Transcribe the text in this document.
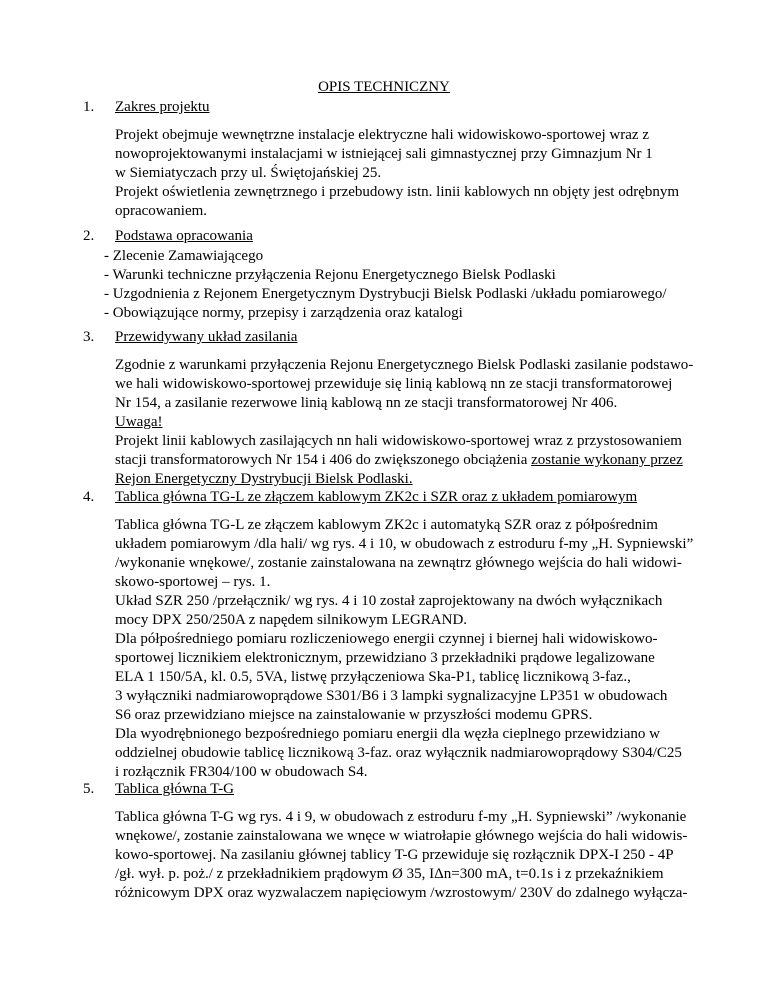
OPIS TECHNICZNY
1. Zakres projektu
Projekt obejmuje wewnętrzne instalacje elektryczne hali widowiskowo-sportowej wraz z
nowoprojektowanymi instalacjami w istniejącej sali gimnastycznej przy Gimnazjum Nr 1
w Siemiatyczach przy ul. Świętojańskiej 25.
Projekt oświetlenia zewnętrznego i przebudowy istn. linii kablowych nn objęty jest odrębnym
opracowaniem.
2. Podstawa opracowania
- Zlecenie Zamawiającego
- Warunki techniczne przyłączenia Rejonu Energetycznego Bielsk Podlaski
- Uzgodnienia z Rejonem Energetycznym Dystrybucji Bielsk Podlaski /układu pomiarowego/
- Obowiązujące normy, przepisy i zarządzenia oraz katalogi
3. Przewidywany układ zasilania
Zgodnie z warunkami przyłączenia Rejonu Energetycznego Bielsk Podlaski zasilanie podstawo-
we hali widowiskowo-sportowej przewiduje się linią kablową nn ze stacji transformatorowej
Nr 154, a zasilanie rezerwowe linią kablową nn ze stacji transformatorowej Nr 406.
Uwaga!
Projekt linii kablowych zasilających nn hali widowiskowo-sportowej wraz z przystosowaniem
stacji transformatorowych Nr 154 i 406 do zwiększonego obciążenia zostanie wykonany przez
Rejon Energetyczny Dystrybucji Bielsk Podlaski.
4. Tablica główna TG-L ze złączem kablowym ZK2c i SZR oraz z układem pomiarowym
Tablica główna TG-L ze złączem kablowym ZK2c i automatyką SZR oraz z półpośrednim
układem pomiarowym /dla hali/ wg rys. 4 i 10, w obudowach z estroduru f-my „H. Sypniewski”
/wykonanie wnękowe/, zostanie zainstalowana na zewnątrz głównego wejścia do hali widowi-
skowo-sportowej – rys. 1.
Układ SZR 250 /przełącznik/ wg rys. 4 i 10 został zaprojektowany na dwóch wyłącznikach
mocy DPX 250/250A z napędem silnikowym LEGRAND.
Dla półpośredniego pomiaru rozliczeniowego energii czynnej i biernej hali widowiskowo-
sportowej licznikiem elektronicznym, przewidziano 3 przekładniki prądowe legalizowane
ELA 1 150/5A, kl. 0.5, 5VA, listwę przyłączeniowa Ska-P1, tablicę licznikową 3-faz.,
3 wyłączniki nadmiarowoprądowe S301/B6 i 3 lampki sygnalizacyjne LP351 w obudowach
S6 oraz przewidziano miejsce na zainstalowanie w przyszłości modemu GPRS.
Dla wyodrębnionego bezpośredniego pomiaru energii dla węzła cieplnego przewidziano w
oddzielnej obudowie tablicę licznikową 3-faz. oraz wyłącznik nadmiarowoprądowy S304/C25
i rozłącznik FR304/100 w obudowach S4.
5. Tablica główna T-G
Tablica główna T-G wg rys. 4 i 9, w obudowach z estroduru f-my „H. Sypniewski” /wykonanie
wnękowe/, zostanie zainstalowana we wnęce w wiatrołapie głównego wejścia do hali widowis-
kowo-sportowej. Na zasilaniu głównej tablicy T-G przewiduje się rozłącznik DPX-I 250 - 4P
/gł. wył. p. poż./ z przekładnikiem prądowym Ø 35, IΔn=300 mA, t=0.1s i z przekaźnikiem
różnicowym DPX oraz wyzwalaczem napięciowym /wzrostowym/ 230V do zdalnego wyłącza-
